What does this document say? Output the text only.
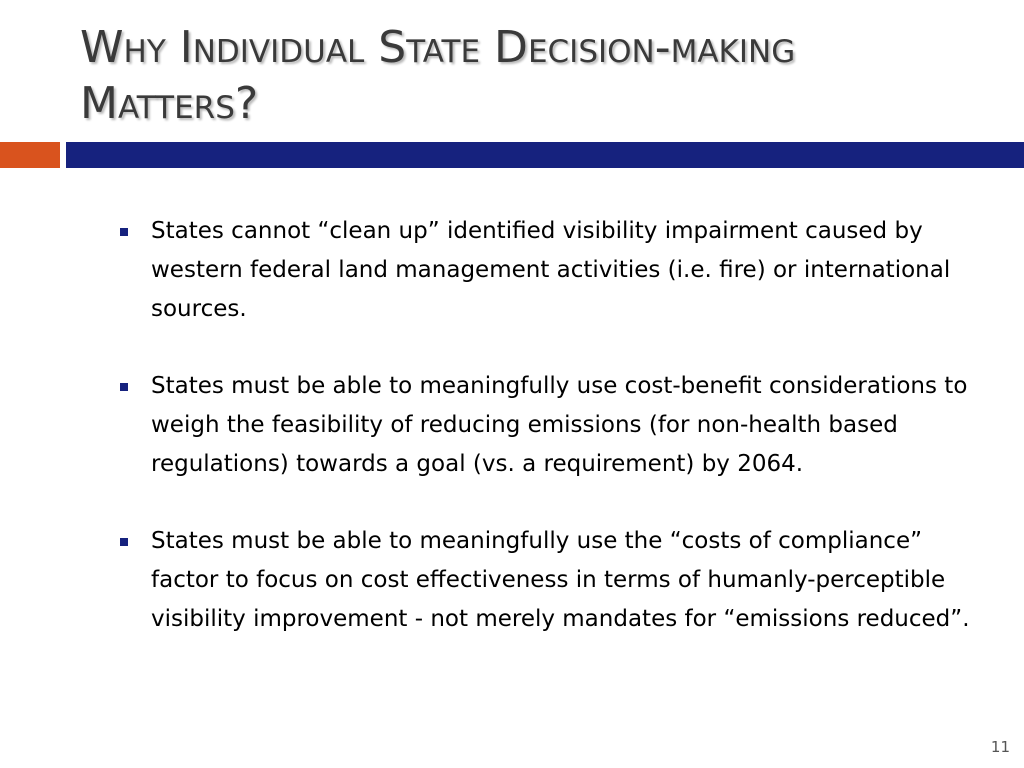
Why Individual State Decision-making Matters?
States cannot “clean up” identified visibility impairment caused by western federal land management activities (i.e. fire) or international sources.
States must be able to meaningfully use cost-benefit considerations to weigh the feasibility of reducing emissions (for non-health based regulations) towards a goal (vs. a requirement) by 2064.
States must be able to meaningfully use the “costs of compliance” factor to focus on cost effectiveness in terms of humanly-perceptible visibility improvement - not merely mandates for “emissions reduced”.
11
